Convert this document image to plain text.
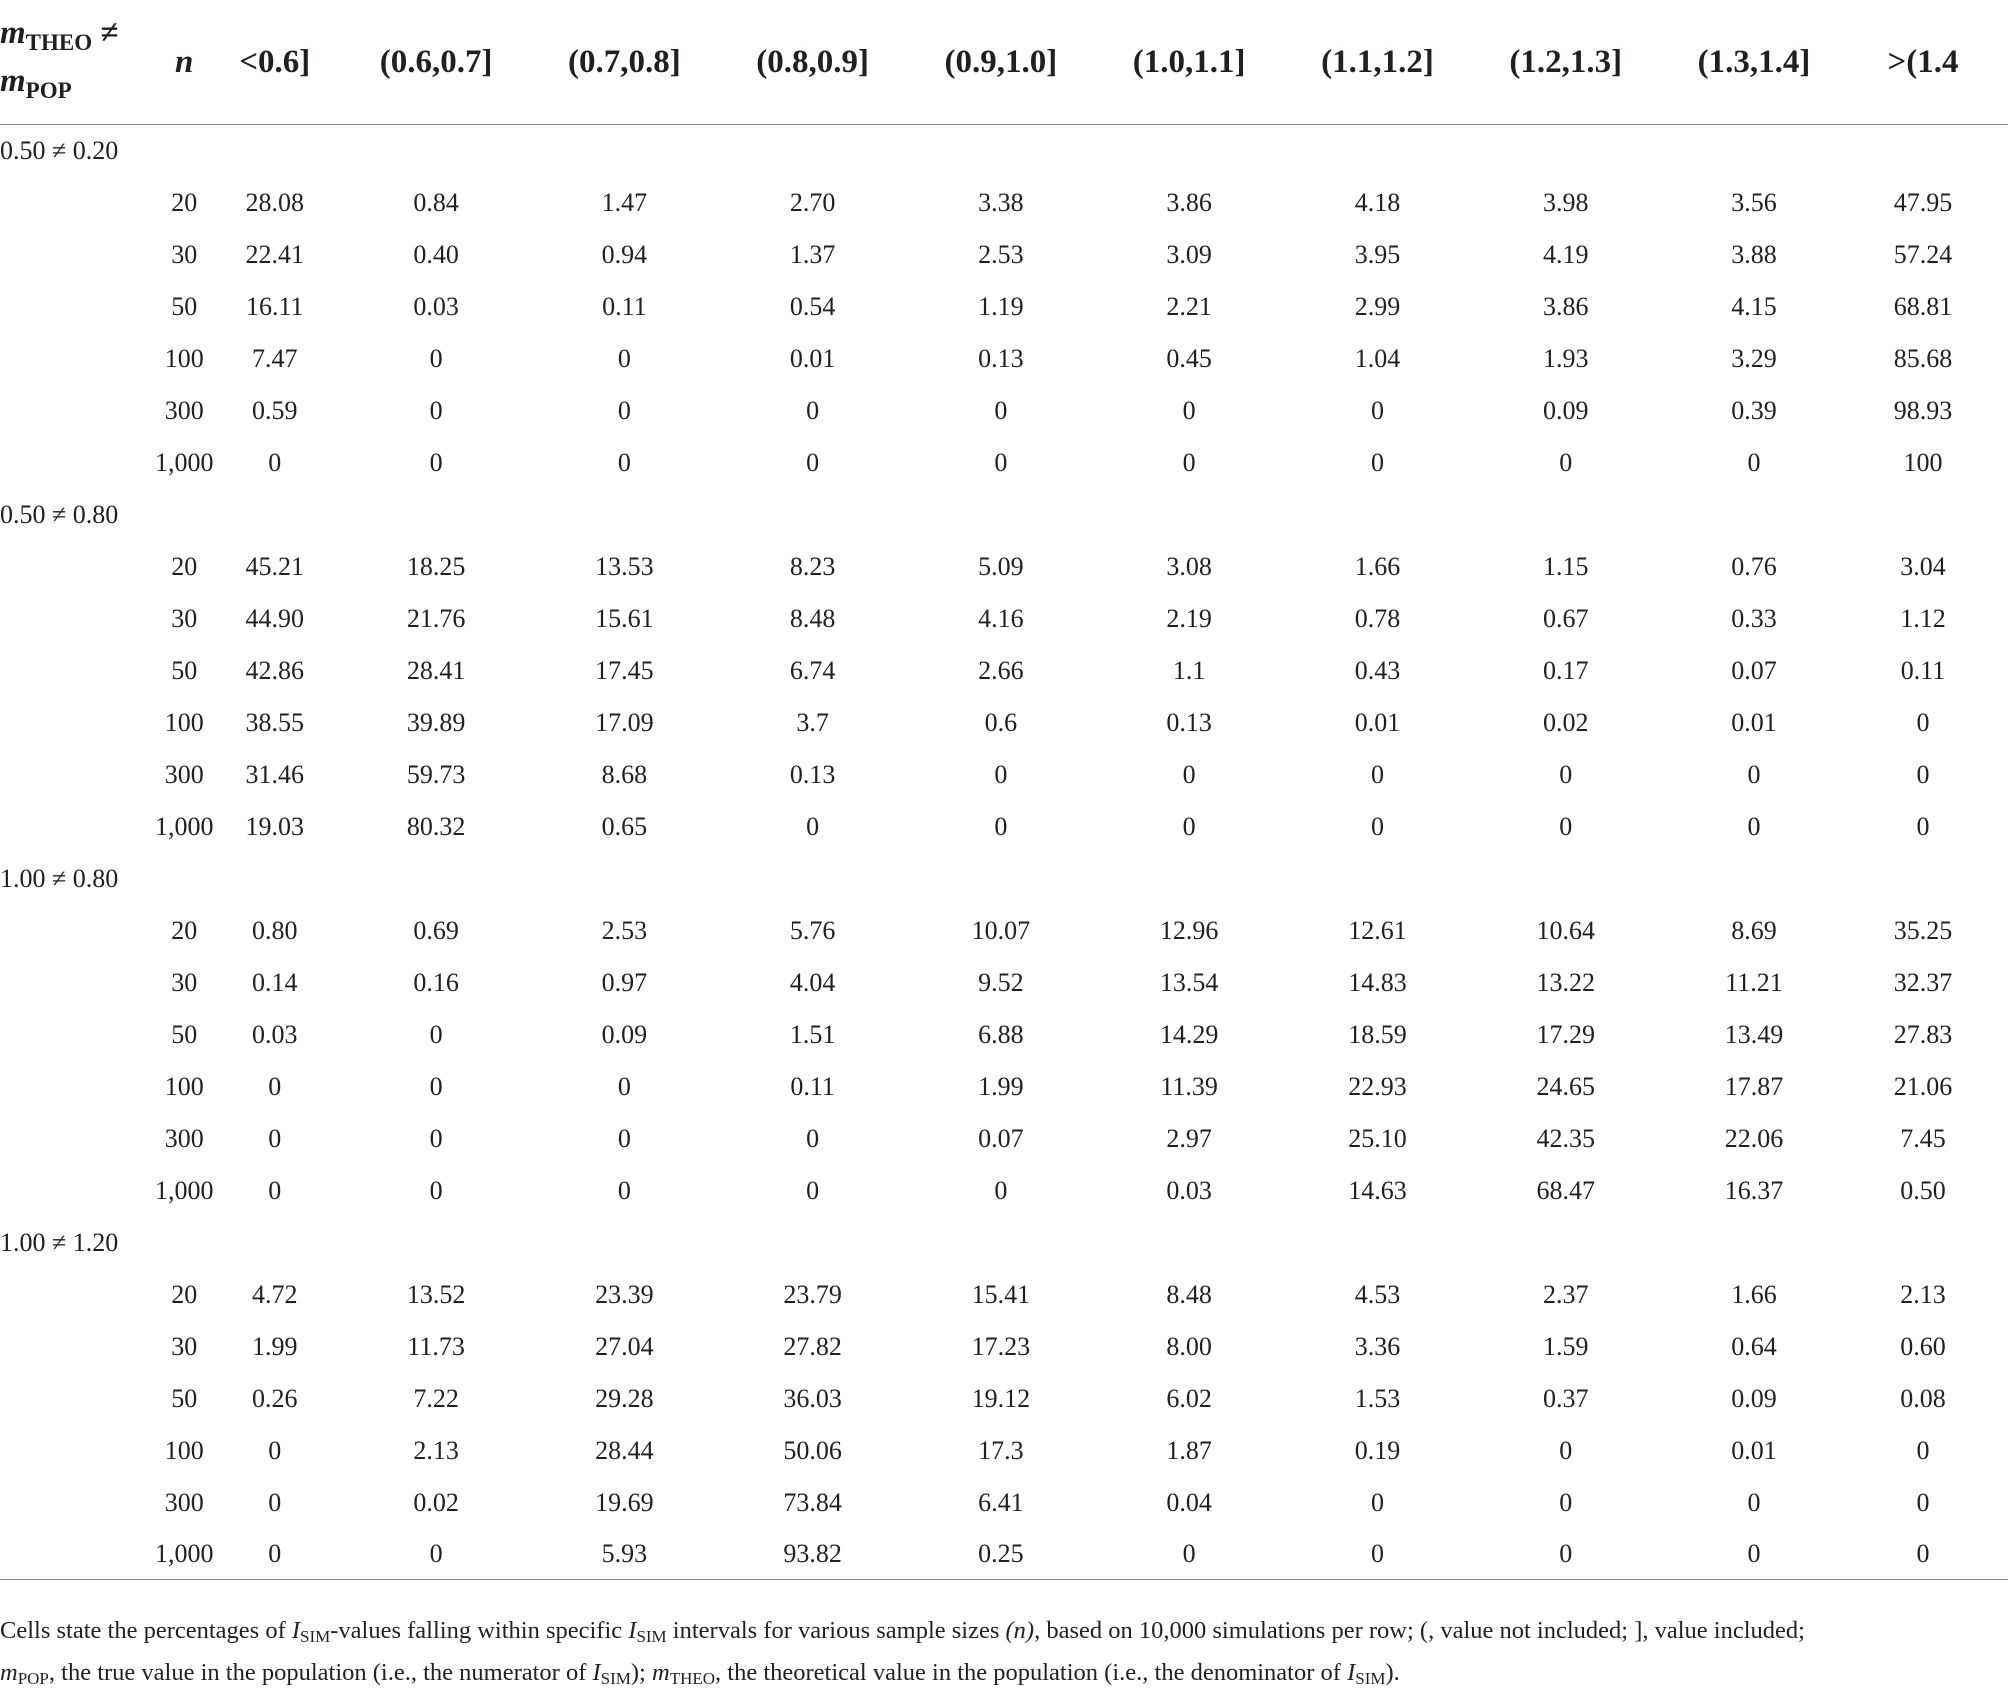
$m_{THEO}$ ≠
$m_{POP}$	n	<0.6]	(0.6,0.7]	(0.7,0.8]	(0.8,0.9]	(0.9,1.0]	(1.0,1.1]	(1.1,1.2]	(1.2,1.3]	(1.3,1.4]	>(1.4
0.50 ≠ 0.20											
	20	28.08	0.84	1.47	2.70	3.38	3.86	4.18	3.98	3.56	47.95
	30	22.41	0.40	0.94	1.37	2.53	3.09	3.95	4.19	3.88	57.24
	50	16.11	0.03	0.11	0.54	1.19	2.21	2.99	3.86	4.15	68.81
	100	7.47	0	0	0.01	0.13	0.45	1.04	1.93	3.29	85.68
	300	0.59	0	0	0	0	0	0	0.09	0.39	98.93
	1,000	0	0	0	0	0	0	0	0	0	100
0.50 ≠ 0.80											
	20	45.21	18.25	13.53	8.23	5.09	3.08	1.66	1.15	0.76	3.04
	30	44.90	21.76	15.61	8.48	4.16	2.19	0.78	0.67	0.33	1.12
	50	42.86	28.41	17.45	6.74	2.66	1.1	0.43	0.17	0.07	0.11
	100	38.55	39.89	17.09	3.7	0.6	0.13	0.01	0.02	0.01	0
	300	31.46	59.73	8.68	0.13	0	0	0	0	0	0
	1,000	19.03	80.32	0.65	0	0	0	0	0	0	0
1.00 ≠ 0.80											
	20	0.80	0.69	2.53	5.76	10.07	12.96	12.61	10.64	8.69	35.25
	30	0.14	0.16	0.97	4.04	9.52	13.54	14.83	13.22	11.21	32.37
	50	0.03	0	0.09	1.51	6.88	14.29	18.59	17.29	13.49	27.83
	100	0	0	0	0.11	1.99	11.39	22.93	24.65	17.87	21.06
	300	0	0	0	0	0.07	2.97	25.10	42.35	22.06	7.45
	1,000	0	0	0	0	0	0.03	14.63	68.47	16.37	0.50
1.00 ≠ 1.20											
	20	4.72	13.52	23.39	23.79	15.41	8.48	4.53	2.37	1.66	2.13
	30	1.99	11.73	27.04	27.82	17.23	8.00	3.36	1.59	0.64	0.60
	50	0.26	7.22	29.28	36.03	19.12	6.02	1.53	0.37	0.09	0.08
	100	0	2.13	28.44	50.06	17.3	1.87	0.19	0	0.01	0
	300	0	0.02	19.69	73.84	6.41	0.04	0	0	0	0
	1,000	0	0	5.93	93.82	0.25	0	0	0	0	0
Cells state the percentages of ISIM-values falling within specific ISIM intervals for various sample sizes (n), based on 10,000 simulations per row; (, value not included; ], value included;
mPOP, the true value in the population (i.e., the numerator of ISIM); mTHEO, the theoretical value in the population (i.e., the denominator of ISIM).
